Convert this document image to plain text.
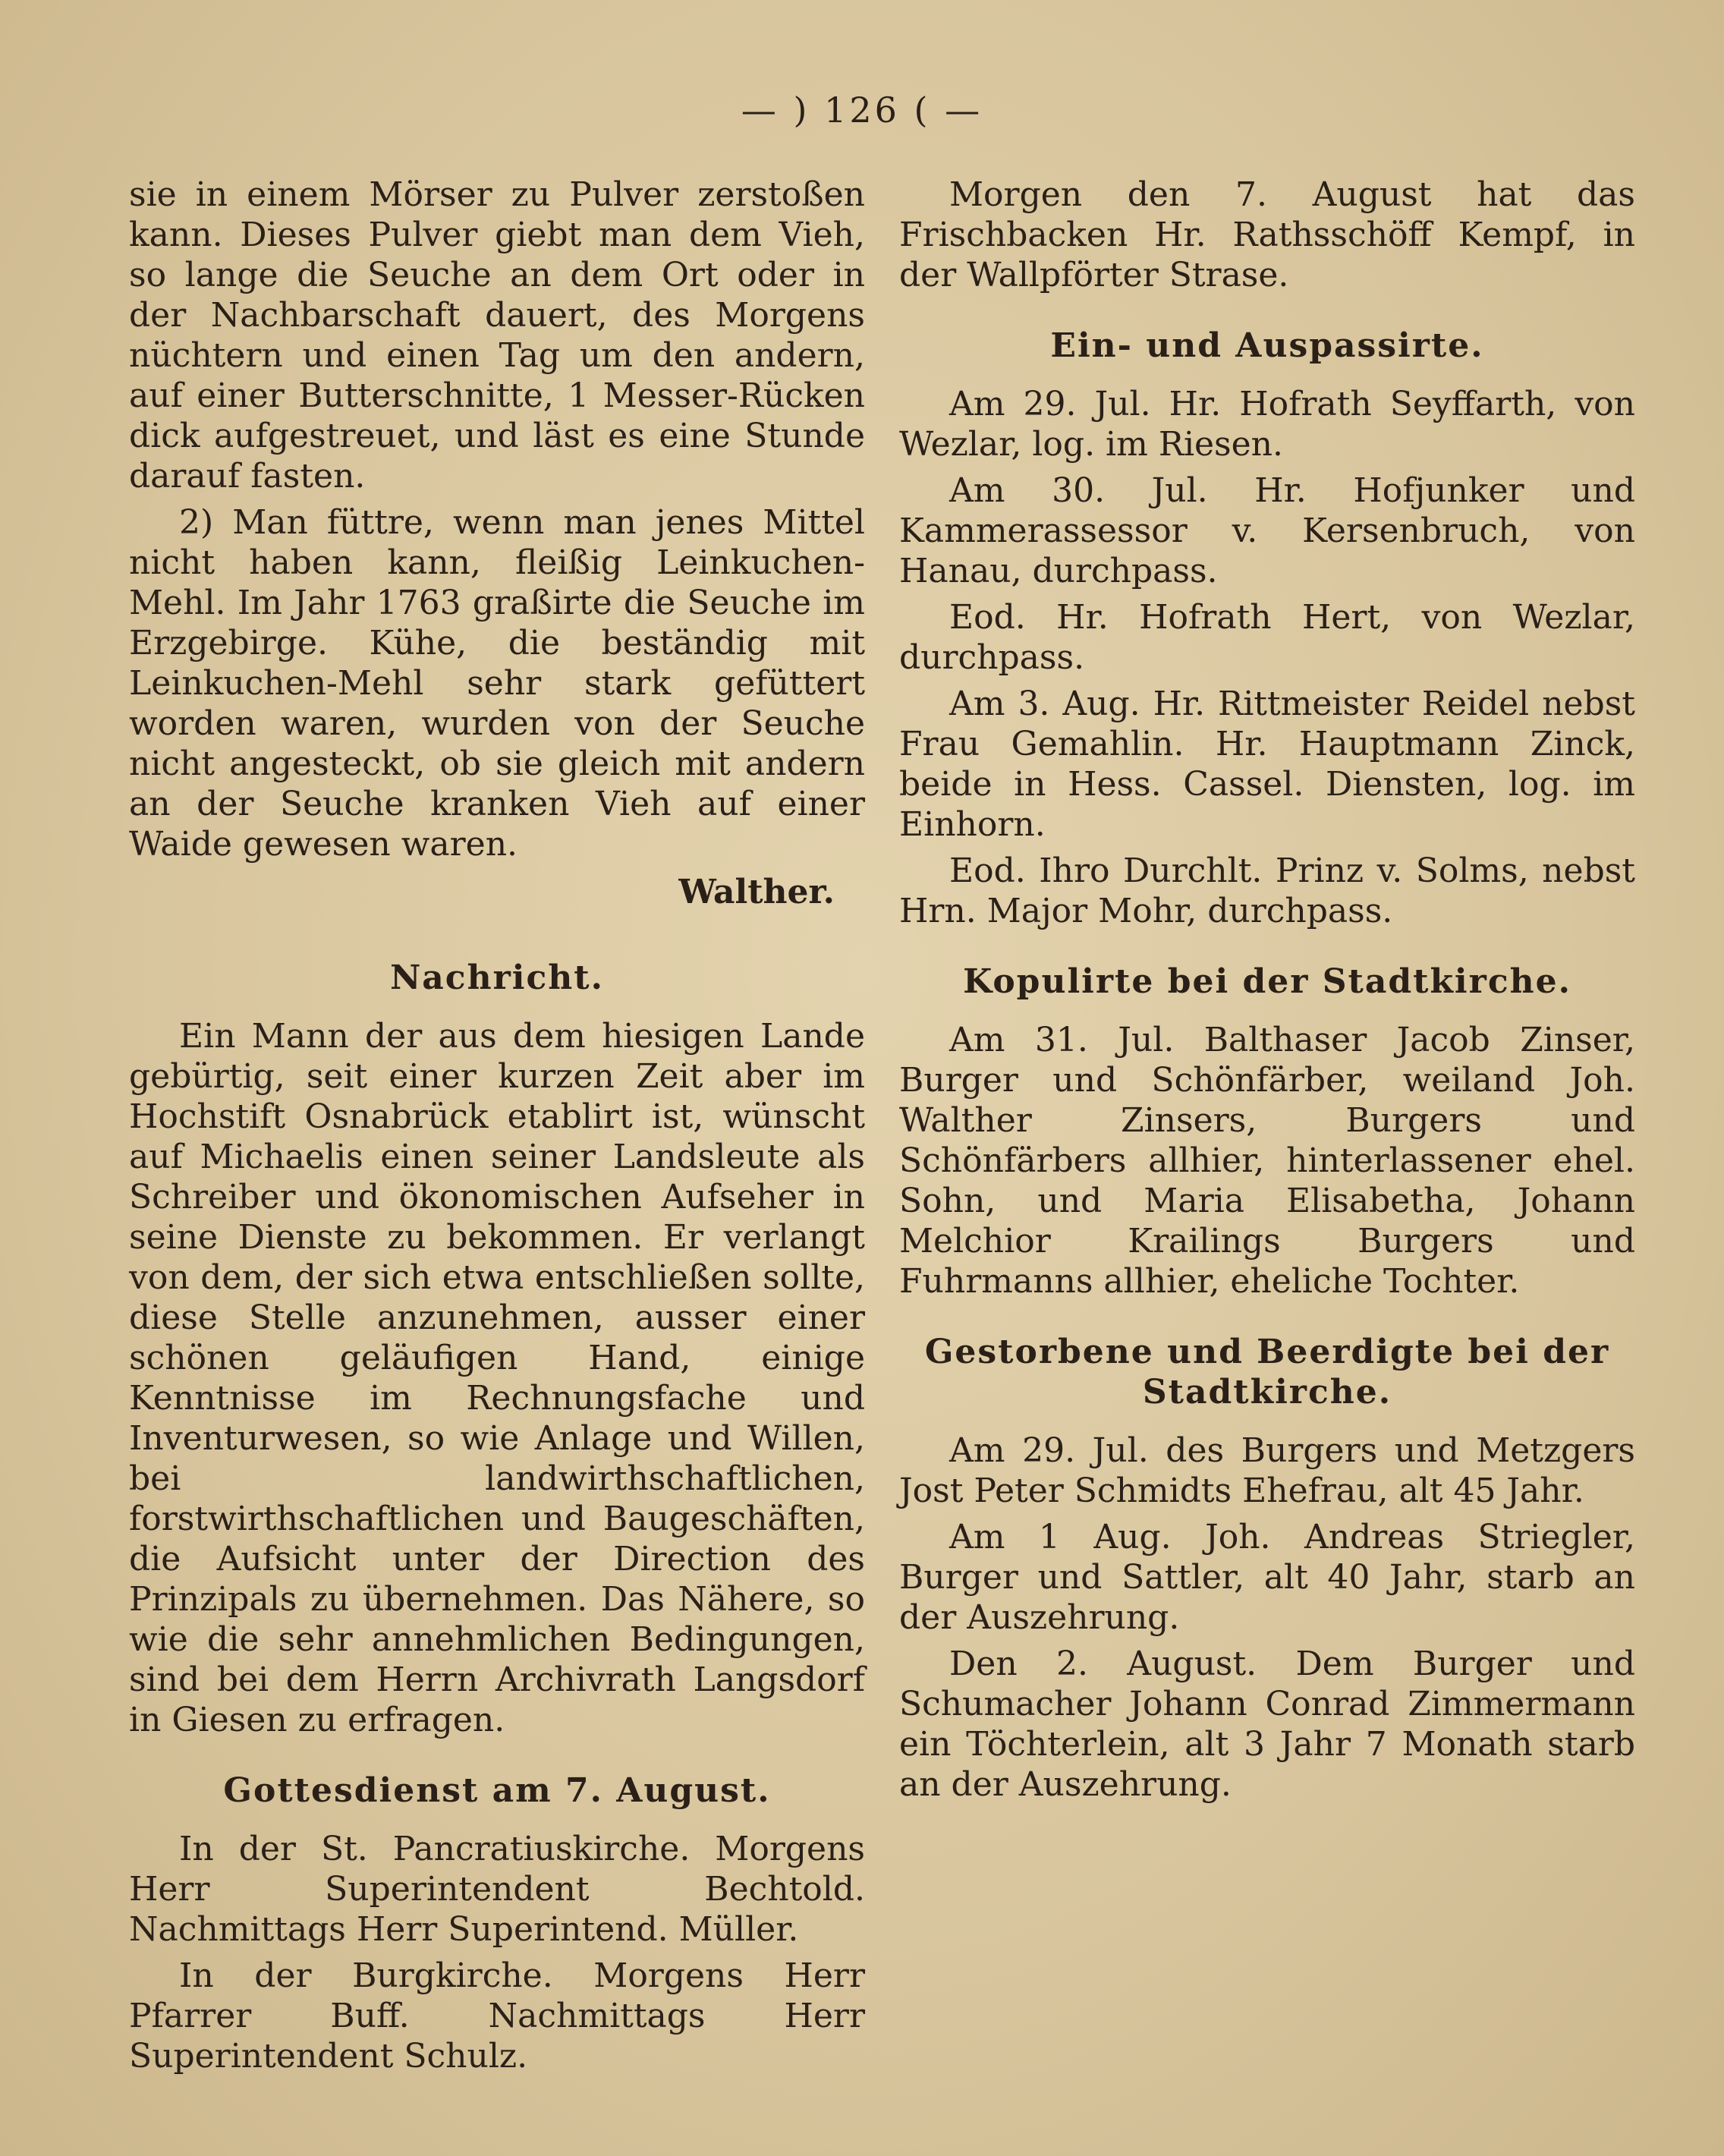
— ) 126 ( —

sie in einem Mörser zu Pulver zerstoßen kann. Dieses Pulver giebt man dem Vieh, so lange die Seuche an dem Ort oder in der Nachbarschaft dauert, des Morgens nüchtern und einen Tag um den andern, auf einer Butterschnitte, 1 Messer-Rücken dick aufgestreuet, und läst es eine Stunde darauf fasten.

2) Man füttre, wenn man jenes Mittel nicht haben kann, fleißig Leinkuchen-Mehl. Im Jahr 1763 graßirte die Seuche im Erzgebirge. Kühe, die beständig mit Leinkuchen-Mehl sehr stark gefüttert worden waren, wurden von der Seuche nicht angesteckt, ob sie gleich mit andern an der Seuche kranken Vieh auf einer Waide gewesen waren.

Walther.
Nachricht.

Ein Mann der aus dem hiesigen Lande gebürtig, seit einer kurzen Zeit aber im Hochstift Osnabrück etablirt ist, wünscht auf Michaelis einen seiner Landsleute als Schreiber und ökonomischen Aufseher in seine Dienste zu bekommen. Er verlangt von dem, der sich etwa entschließen sollte, diese Stelle anzunehmen, ausser einer schönen geläufigen Hand, einige Kenntnisse im Rechnungsfache und Inventurwesen, so wie Anlage und Willen, bei landwirthschaftlichen, forstwirthschaftlichen und Baugeschäften, die Aufsicht unter der Direction des Prinzipals zu übernehmen. Das Nähere, so wie die sehr annehmlichen Bedingungen, sind bei dem Herrn Archivrath Langsdorf in Giesen zu erfragen.

Gottesdienst am 7. August.

In der St. Pancratiuskirche. Morgens Herr Superintendent Bechtold. Nachmittags Herr Superintend. Müller.

In der Burgkirche. Morgens Herr Pfarrer Buff. Nachmittags Herr Superintendent Schulz.

Morgen den 7. August hat das Frischbacken Hr. Rathsschöff Kempf, in der Wallpförter Strase.

Ein- und Auspassirte.

Am 29. Jul. Hr. Hofrath Seyffarth, von Wezlar, log. im Riesen.

Am 30. Jul. Hr. Hofjunker und Kammerassessor v. Kersenbruch, von Hanau, durchpass.

Eod. Hr. Hofrath Hert, von Wezlar, durchpass.

Am 3. Aug. Hr. Rittmeister Reidel nebst Frau Gemahlin. Hr. Hauptmann Zinck, beide in Hess. Cassel. Diensten, log. im Einhorn.

Eod. Ihro Durchlt. Prinz v. Solms, nebst Hrn. Major Mohr, durchpass.

Kopulirte bei der Stadtkirche.

Am 31. Jul. Balthaser Jacob Zinser, Burger und Schönfärber, weiland Joh. Walther Zinsers, Burgers und Schönfärbers allhier, hinterlassener ehel. Sohn, und Maria Elisabetha, Johann Melchior Krailings Burgers und Fuhrmanns allhier, eheliche Tochter.

Gestorbene und Beerdigte bei der Stadtkirche.

Am 29. Jul. des Burgers und Metzgers Jost Peter Schmidts Ehefrau, alt 45 Jahr.

Am 1 Aug. Joh. Andreas Striegler, Burger und Sattler, alt 40 Jahr, starb an der Auszehrung.

Den 2. August. Dem Burger und Schumacher Johann Conrad Zimmermann ein Töchterlein, alt 3 Jahr 7 Monath starb an der Auszehrung.
